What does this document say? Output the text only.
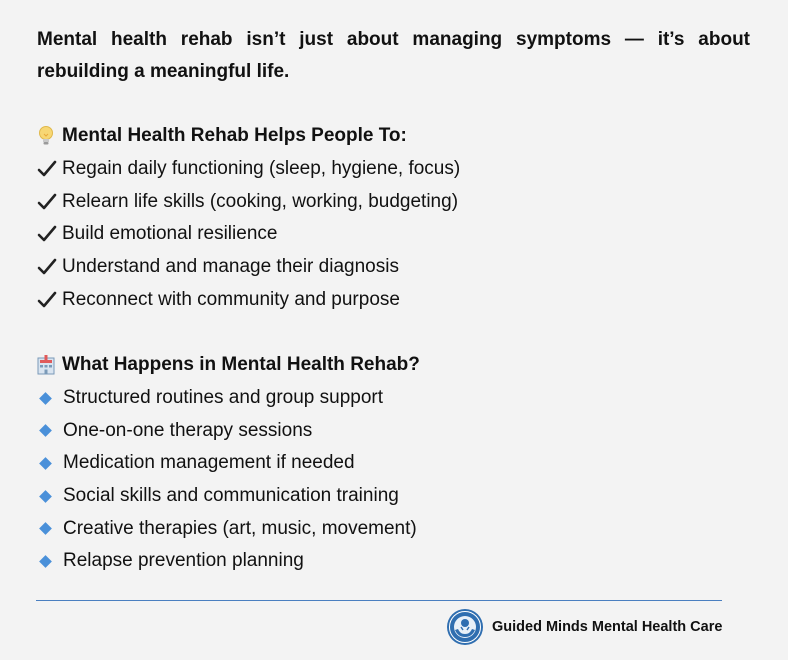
Mental health rehab isn’t just about managing symptoms — it’s about rebuilding a meaningful life.

Mental Health Rehab Helps People To:
Regain daily functioning (sleep, hygiene, focus)
Relearn life skills (cooking, working, budgeting)
Build emotional resilience
Understand and manage their diagnosis
Reconnect with community and purpose
What Happens in Mental Health Rehab?
Structured routines and group support
One-on-one therapy sessions
Medication management if needed
Social skills and communication training
Creative therapies (art, music, movement)
Relapse prevention planning
Guided Minds Mental Health Care
